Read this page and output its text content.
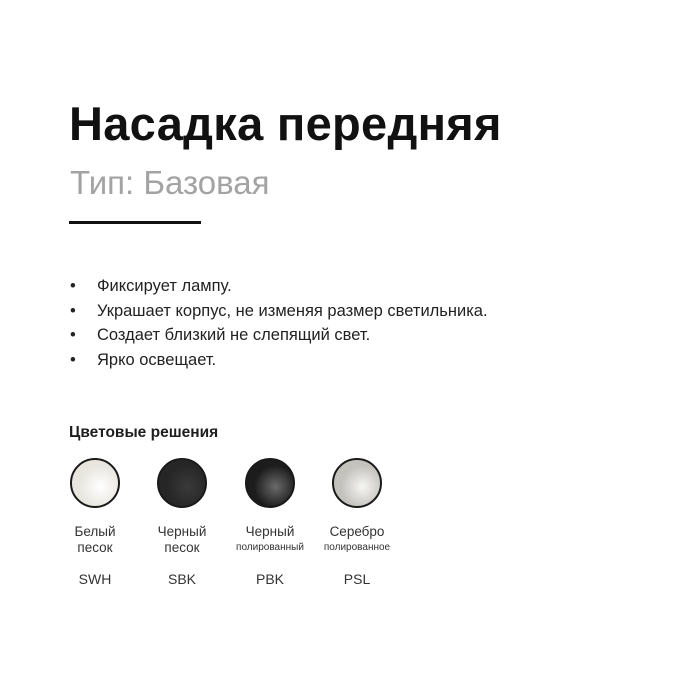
Насадка передняя
Тип: Базовая
• Фиксирует лампу.
• Украшает корпус, не изменяя размер светильника.
• Создает близкий не слепящий свет.
• Ярко освещает.
Цветовые решения
Белый
песок
SWH
Черный
песок
SBK
Черный
полированный
PBK
Серебро
полированное
PSL
